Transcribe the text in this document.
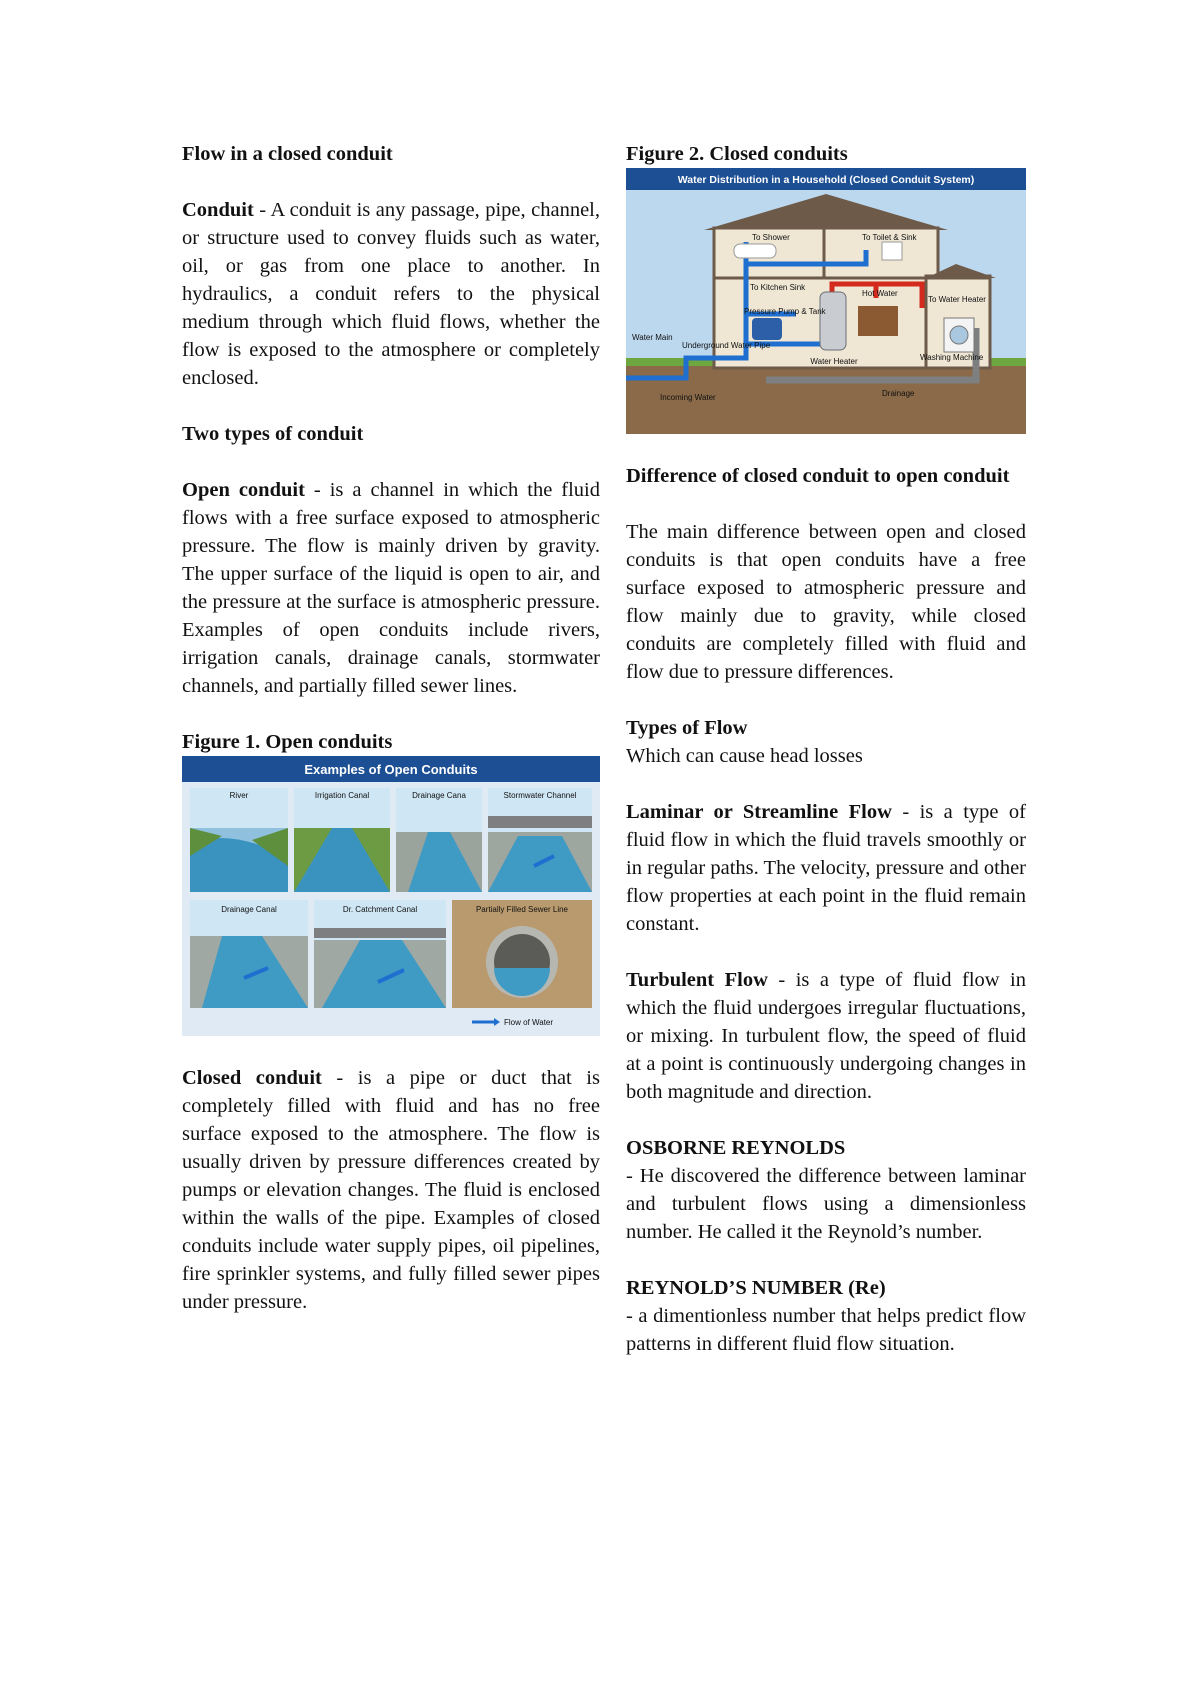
Flow in a closed conduit

Conduit - A conduit is any passage, pipe, channel, or structure used to convey fluids such as water, oil, or gas from one place to another. In hydraulics, a conduit refers to the physical medium through which fluid flows, whether the flow is exposed to the atmosphere or completely enclosed.

Two types of conduit

Open conduit - is a channel in which the fluid flows with a free surface exposed to atmospheric pressure. The flow is mainly driven by gravity. The upper surface of the liquid is open to air, and the pressure at the surface is atmospheric pressure. Examples of open conduits include rivers, irrigation canals, drainage canals, stormwater channels, and partially filled sewer lines.

Figure 1. Open conduits

Examples of Open Conduits
River	Irrigation Canal	Drainage Cana	Stormwater Channel
Drainage Canal	Dr. Catchment Canal	Partially Filled Sewer Line
Flow of Water

Closed conduit - is a pipe or duct that is completely filled with fluid and has no free surface exposed to the atmosphere. The flow is usually driven by pressure differences created by pumps or elevation changes. The fluid is enclosed within the walls of the pipe. Examples of closed conduits include water supply pipes, oil pipelines, fire sprinkler systems, and fully filled sewer pipes under pressure.

Figure 2. Closed conduits

Water Distribution in a Household (Closed Conduit System)
To Shower	To Toilet & Sink
To Kitchen Sink
Hot Water
To Water Heater
Pressure Pump & Tank
Water Heater	Washing Machine
Water Main
Underground Water Pipe
Incoming Water	Drainage

Difference of closed conduit to open conduit

The main difference between open and closed conduits is that open conduits have a free surface exposed to atmospheric pressure and flow mainly due to gravity, while closed conduits are completely filled with fluid and flow due to pressure differences.

Types of Flow

Which can cause head losses

Laminar or Streamline Flow - is a type of fluid flow in which the fluid travels smoothly or in regular paths. The velocity, pressure and other flow properties at each point in the fluid remain constant.

Turbulent Flow - is a type of fluid flow in which the fluid undergoes irregular fluctuations, or mixing. In turbulent flow, the speed of fluid at a point is continuously undergoing changes in both magnitude and direction.

OSBORNE REYNOLDS

- He discovered the difference between laminar and turbulent flows using a dimensionless number. He called it the Reynold’s number.

REYNOLD’S NUMBER (Re)

- a dimentionless number that helps predict flow patterns in different fluid flow situation.
